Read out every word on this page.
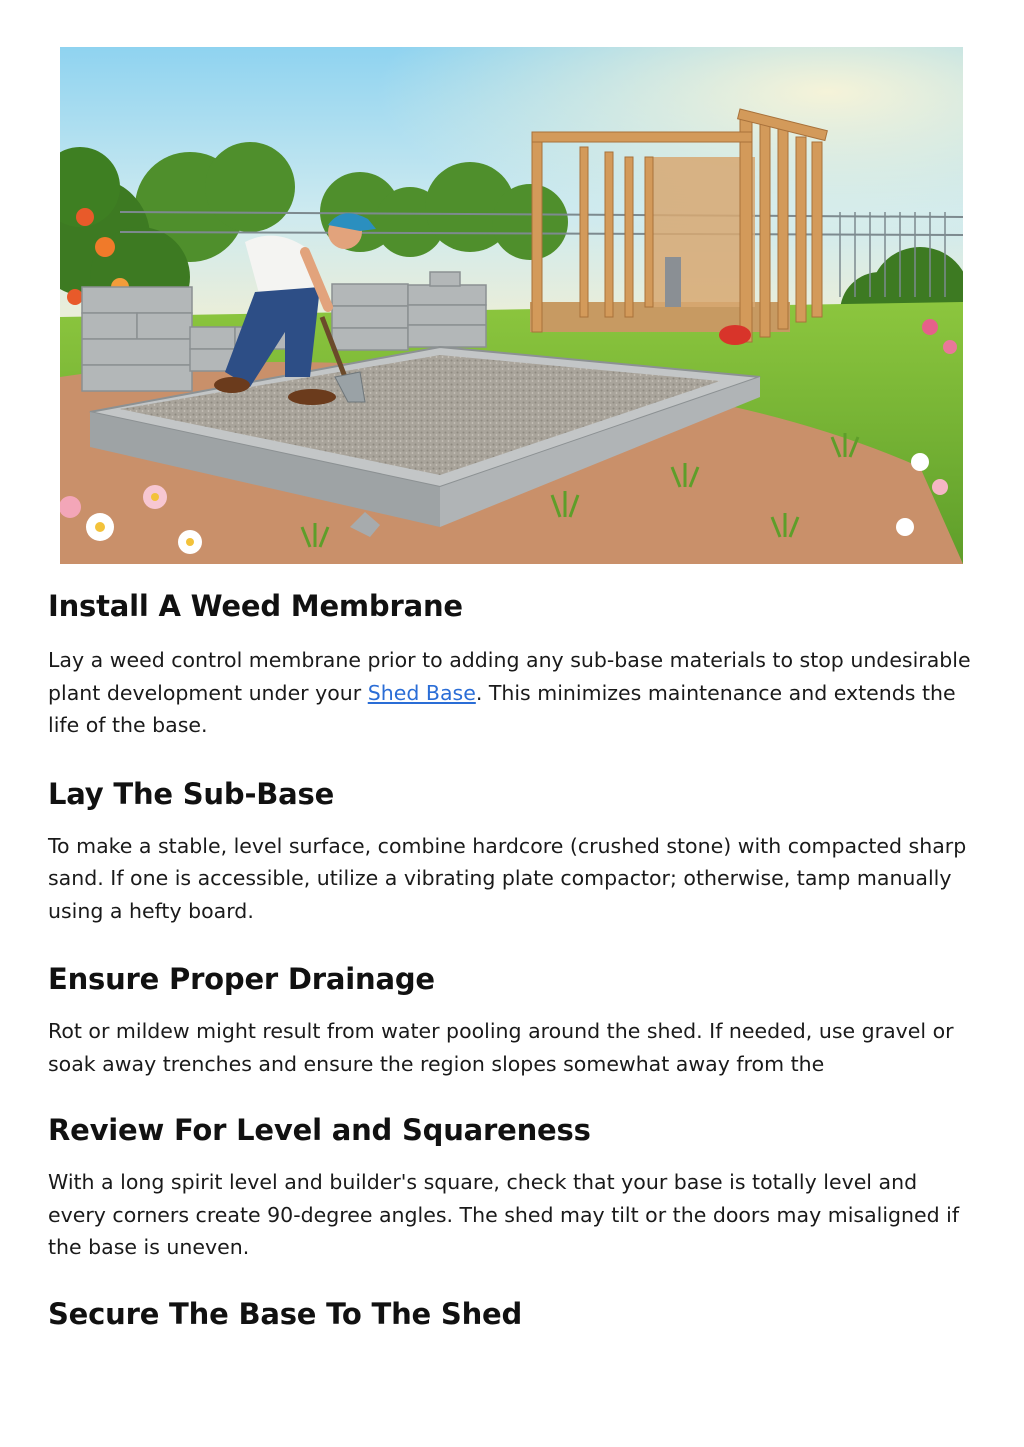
Install A Weed Membrane

Lay a weed control membrane prior to adding any sub-base materials to stop undesirable plant development under your Shed Base. This minimizes maintenance and extends the life of the base.

Lay The Sub-Base

To make a stable, level surface, combine hardcore (crushed stone) with compacted sharp sand. If one is accessible, utilize a vibrating plate compactor; otherwise, tamp manually using a hefty board.

Ensure Proper Drainage

Rot or mildew might result from water pooling around the shed. If needed, use gravel or soak away trenches and ensure the region slopes somewhat away from the

Review For Level and Squareness

With a long spirit level and builder's square, check that your base is totally level and every corners create 90-degree angles. The shed may tilt or the doors may misaligned if the base is uneven.

Secure The Base To The Shed
